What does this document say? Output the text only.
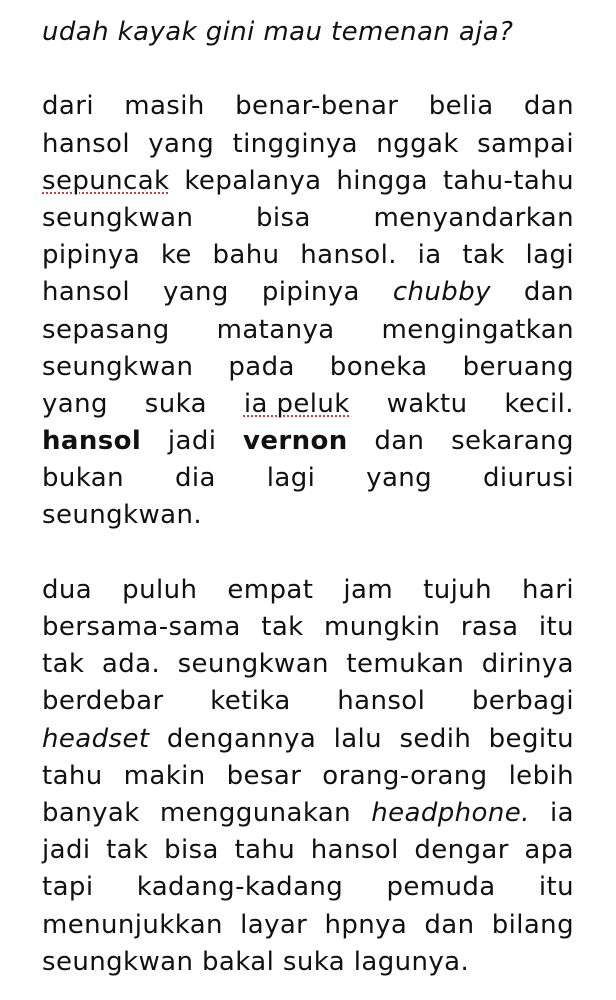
udah kayak gini mau temenan aja?
dari masih benar-benar belia dan
hansol yang tingginya nggak sampai
sepuncak kepalanya hingga tahu-tahu
seungkwan bisa menyandarkan
pipinya ke bahu hansol. ia tak lagi
hansol yang pipinya chubby dan
sepasang matanya mengingatkan
seungkwan pada boneka beruang
yang suka ia peluk waktu kecil.
hansol jadi vernon dan sekarang
bukan dia lagi yang diurusi
seungkwan.
dua puluh empat jam tujuh hari
bersama-sama tak mungkin rasa itu
tak ada. seungkwan temukan dirinya
berdebar ketika hansol berbagi
headset dengannya lalu sedih begitu
tahu makin besar orang-orang lebih
banyak menggunakan headphone. ia
jadi tak bisa tahu hansol dengar apa
tapi kadang-kadang pemuda itu
menunjukkan layar hpnya dan bilang
seungkwan bakal suka lagunya.
